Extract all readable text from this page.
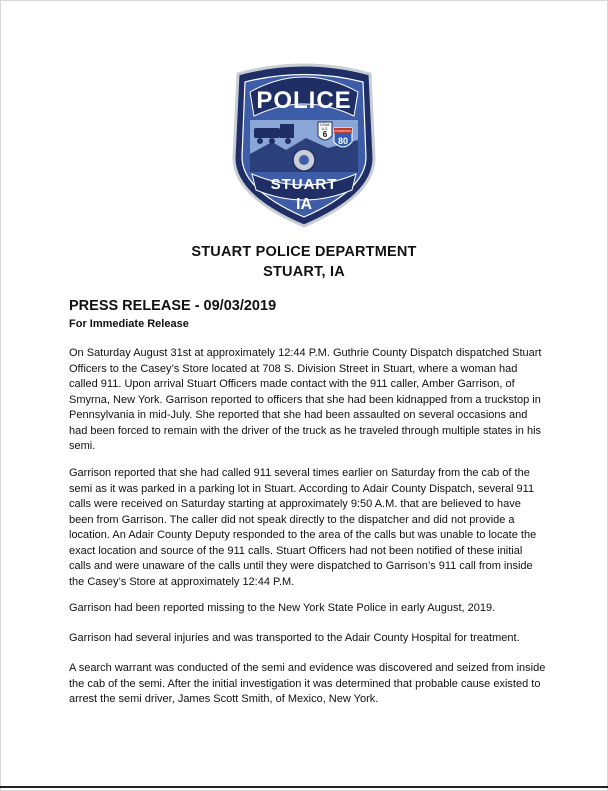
POLICE
IOWA
U.S.
6	INTERSTATE
80
STUART
IA
STUART POLICE DEPARTMENT
STUART, IA
PRESS RELEASE - 09/03/2019
For Immediate Release

On Saturday August 31st at approximately 12:44 P.M. Guthrie County Dispatch dispatched Stuart Officers to the Casey’s Store located at 708 S. Division Street in Stuart, where a woman had called 911. Upon arrival Stuart Officers made contact with the 911 caller, Amber Garrison, of Smyrna, New York. Garrison reported to officers that she had been kidnapped from a truckstop in Pennsylvania in mid-July. She reported that she had been assaulted on several occasions and had been forced to remain with the driver of the truck as he traveled through multiple states in his semi.

Garrison reported that she had called 911 several times earlier on Saturday from the cab of the semi as it was parked in a parking lot in Stuart. According to Adair County Dispatch, several 911 calls were received on Saturday starting at approximately 9:50 A.M. that are believed to have been from Garrison. The caller did not speak directly to the dispatcher and did not provide a location. An Adair County Deputy responded to the area of the calls but was unable to locate the exact location and source of the 911 calls. Stuart Officers had not been notified of these initial calls and were unaware of the calls until they were dispatched to Garrison’s 911 call from inside the Casey’s Store at approximately 12:44 P.M.

Garrison had been reported missing to the New York State Police in early August, 2019.

Garrison had several injuries and was transported to the Adair County Hospital for treatment.

A search warrant was conducted of the semi and evidence was discovered and seized from inside the cab of the semi. After the initial investigation it was determined that probable cause existed to arrest the semi driver, James Scott Smith, of Mexico, New York.
